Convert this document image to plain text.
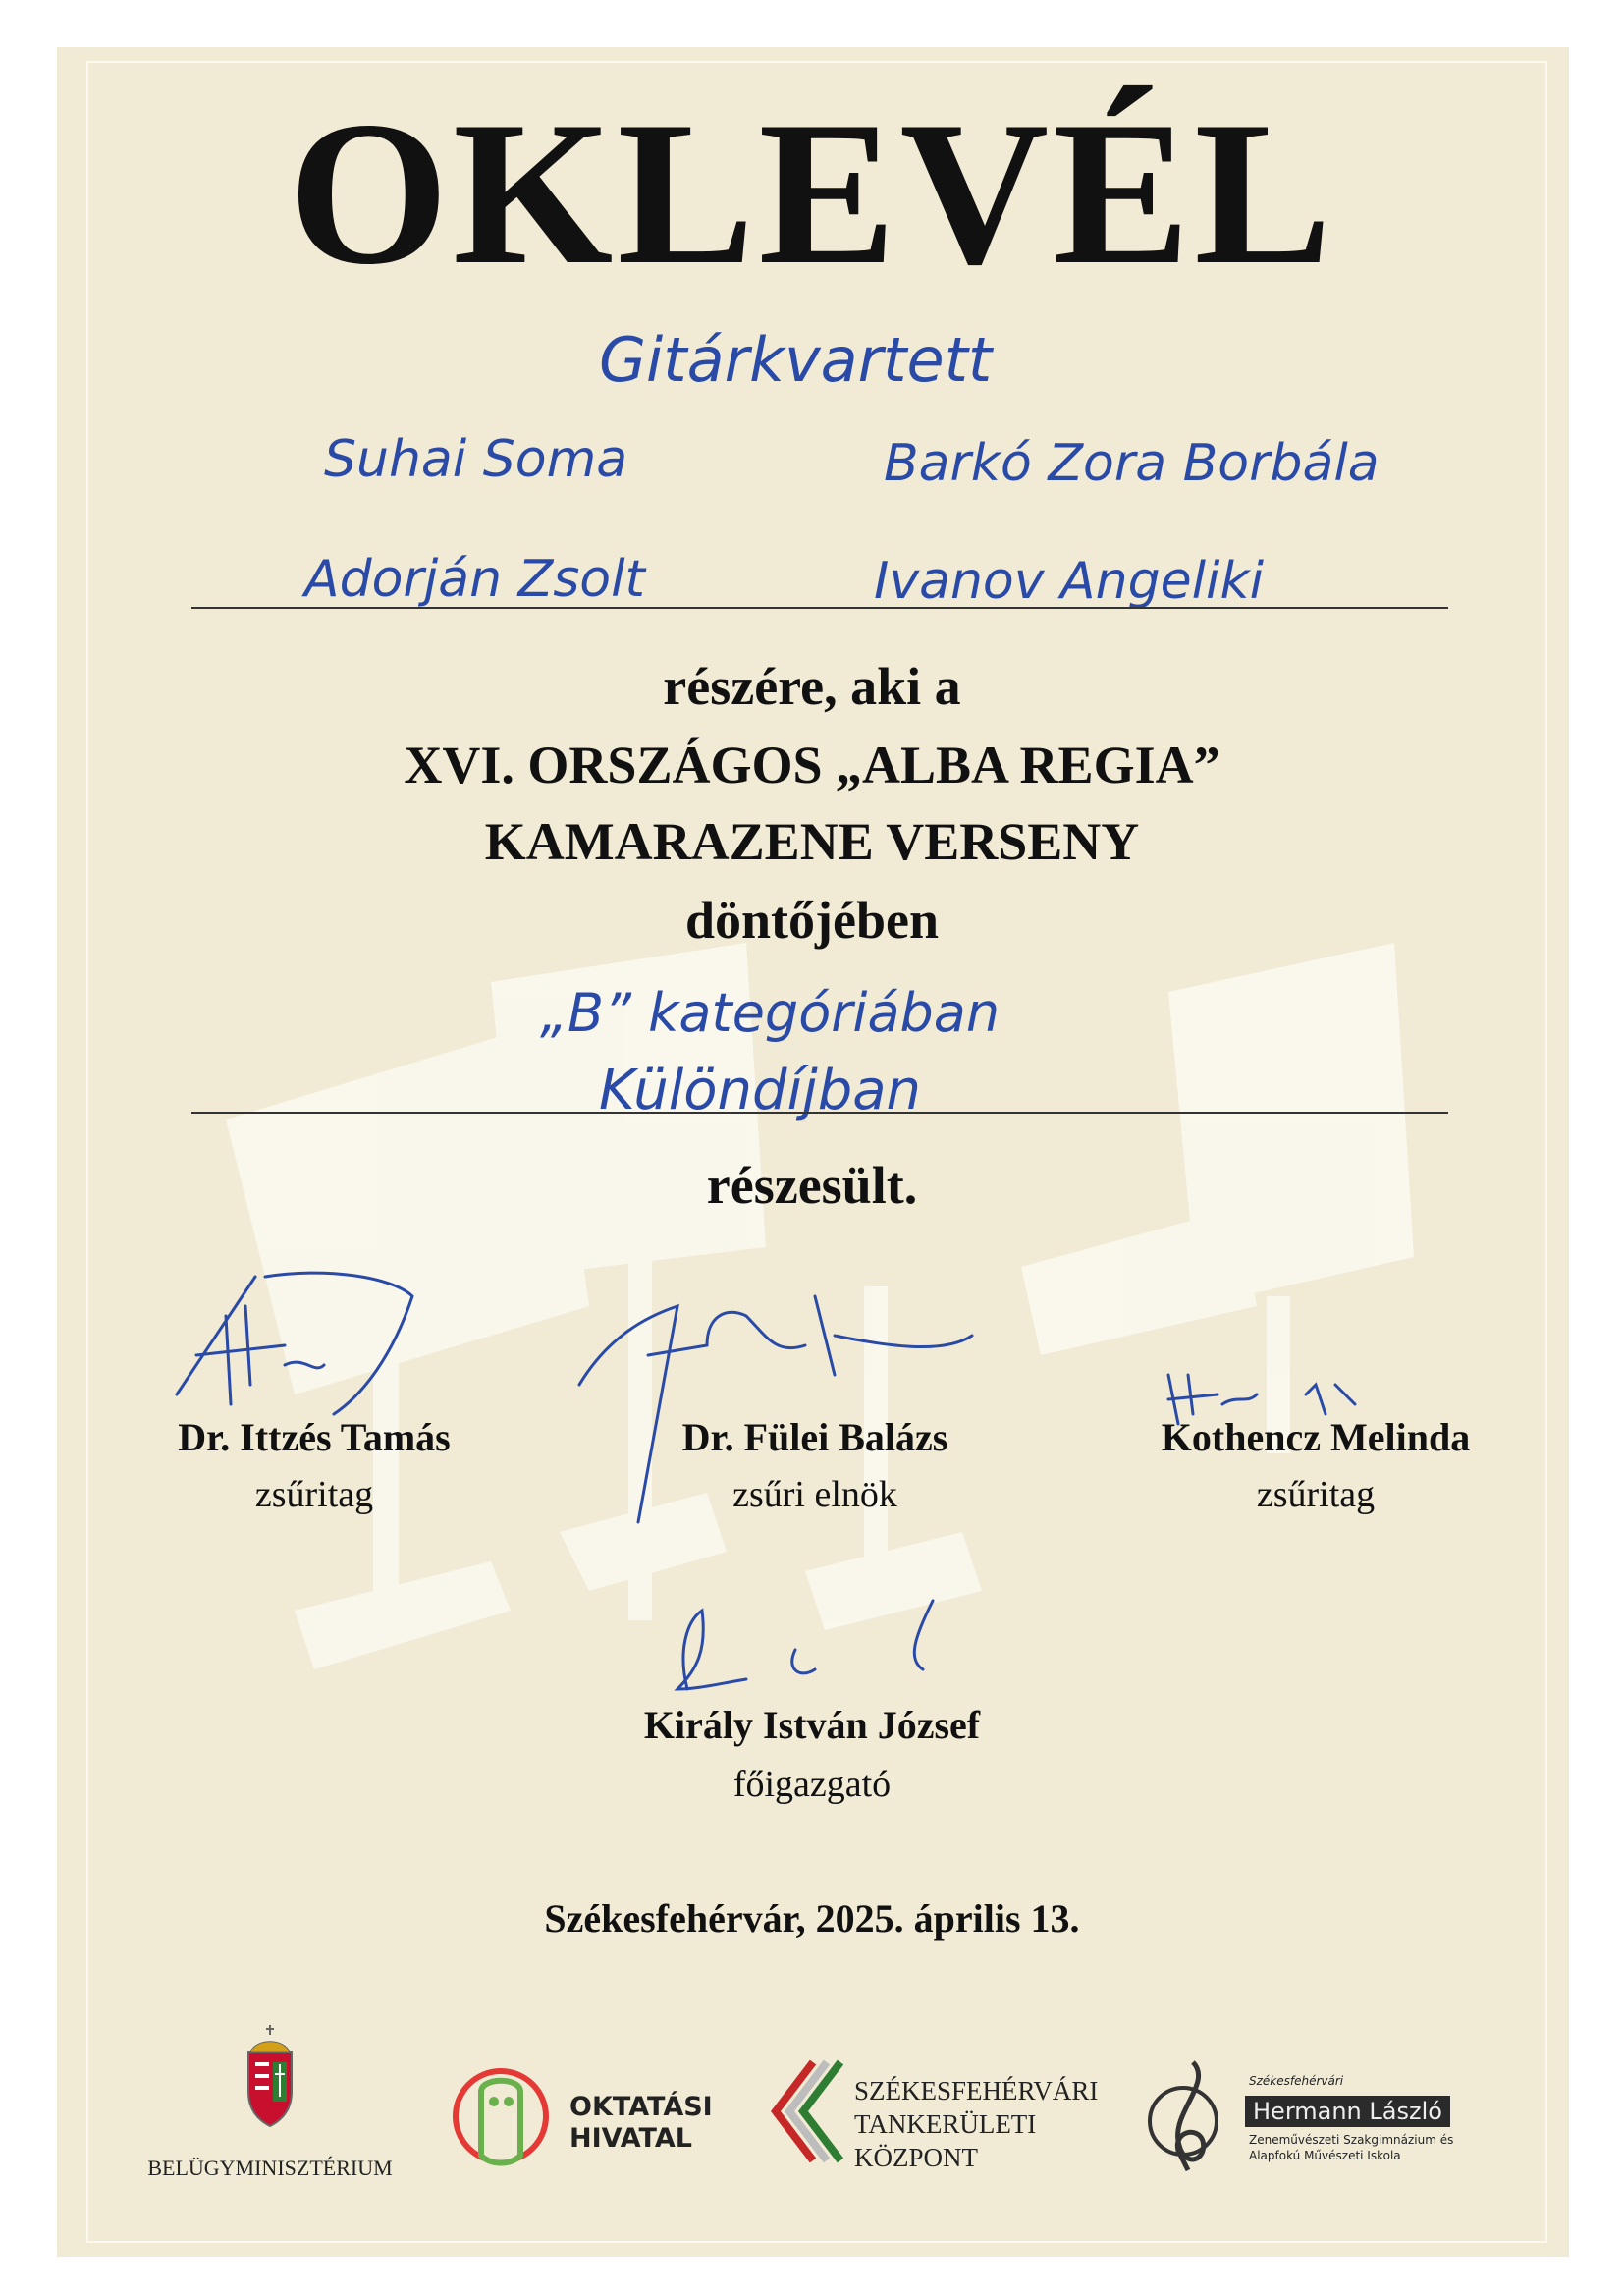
OKLEVÉL
Gitárkvartett
Suhai Soma	Barkó Zora Borbála
Adorján Zsolt	Ivanov Angeliki
részére, aki a
XVI. ORSZÁGOS „ALBA REGIA”
KAMARAZENE VERSENY
döntőjében
„B” kategóriában
Különdíjban
részesült.
Dr. Ittzés Tamás
zsűritag
Dr. Fülei Balázs
zsűri elnök
Kothencz Melinda
zsűritag
Király István József
főigazgató
Székesfehérvár, 2025. április 13.
BELÜGYMINISZTÉRIUM
OKTATÁSI
HIVATAL
SZÉKESFEHÉRVÁRI
TANKERÜLETI
KÖZPONT
Székesfehérvári
Hermann László
Zeneművészeti Szakgimnázium és
Alapfokú Művészeti Iskola
